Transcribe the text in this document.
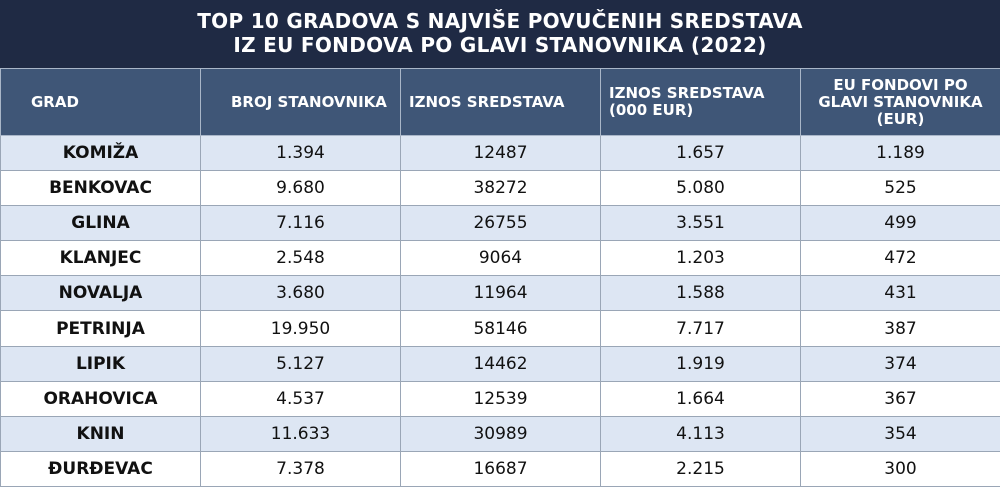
TOP 10 GRADOVA S NAJVIŠE POVUČENIH SREDSTAVA
IZ EU FONDOVA PO GLAVI STANOVNIKA (2022)
GRAD	BROJ STANOVNIKA	IZNOS SREDSTAVA	IZNOS SREDSTAVA (000 EUR)	EU FONDOVI PO GLAVI STANOVNIKA (EUR)
KOMIŽA	1.394	12487	1.657	1.189
BENKOVAC	9.680	38272	5.080	525
GLINA	7.116	26755	3.551	499
KLANJEC	2.548	9064	1.203	472
NOVALJA	3.680	11964	1.588	431
PETRINJA	19.950	58146	7.717	387
LIPIK	5.127	14462	1.919	374
ORAHOVICA	4.537	12539	1.664	367
KNIN	11.633	30989	4.113	354
ĐURĐEVAC	7.378	16687	2.215	300
